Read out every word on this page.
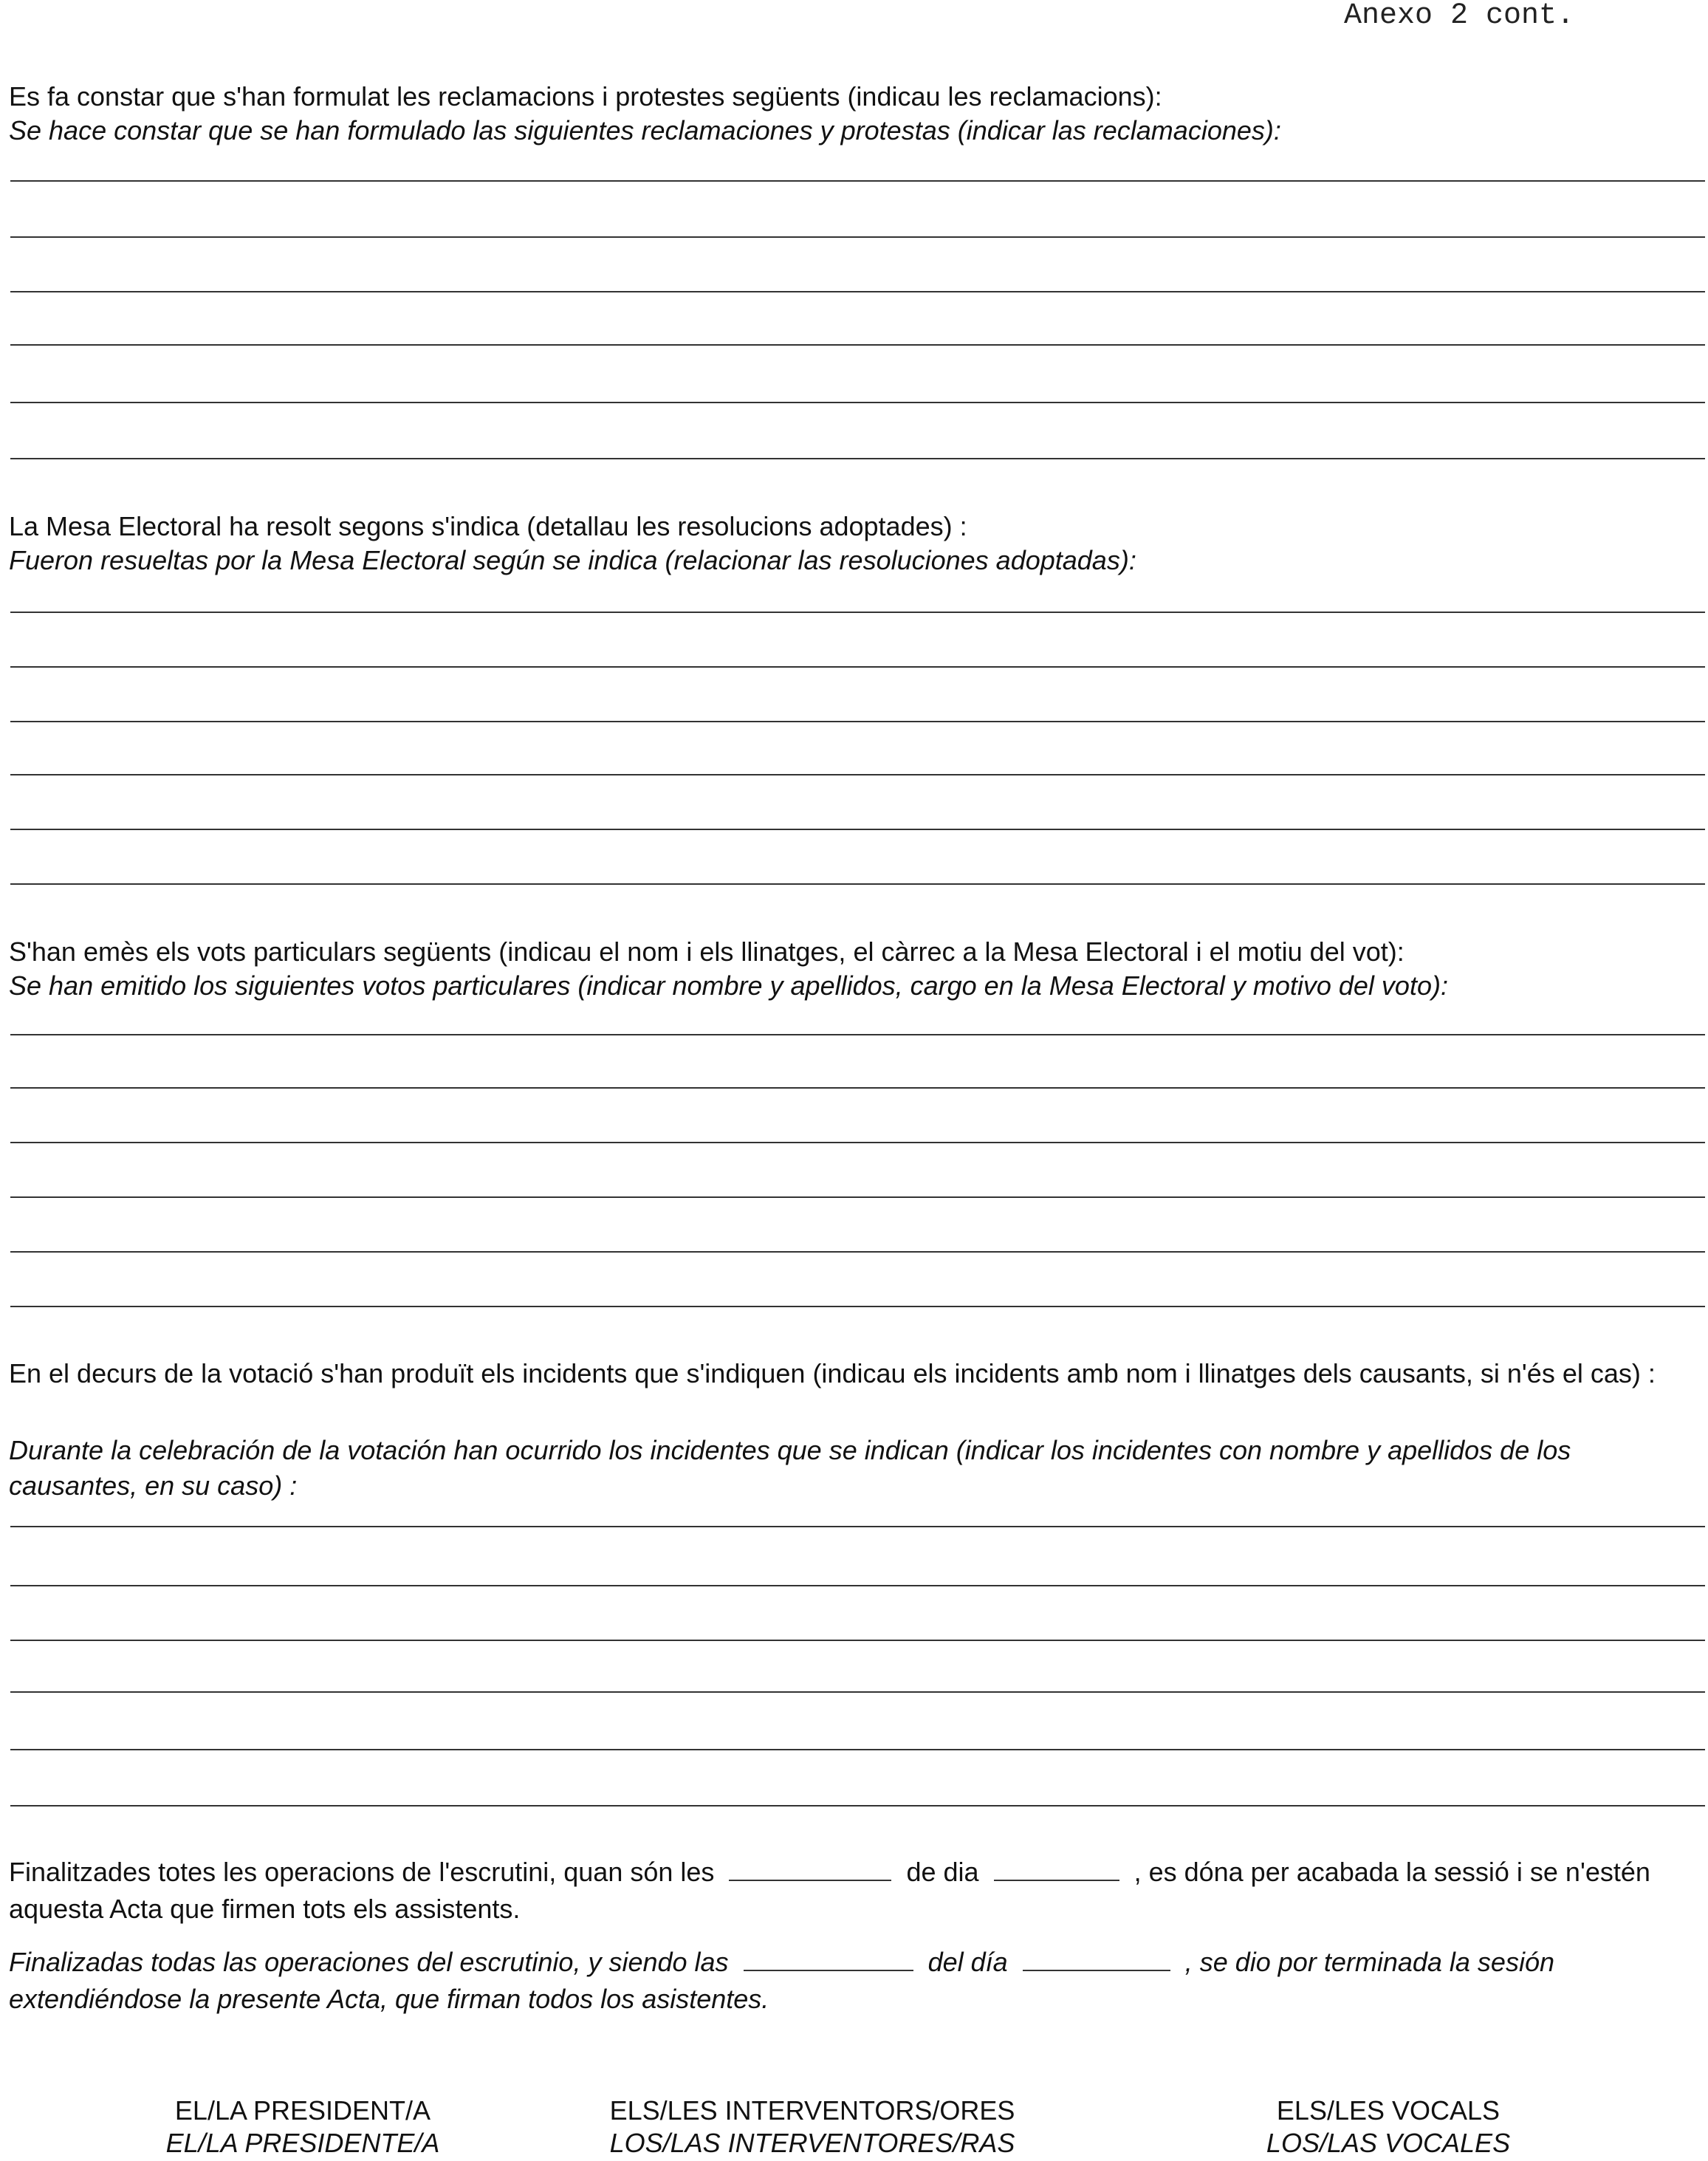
Anexo 2 cont.
Es fa constar que s'han formulat les reclamacions i protestes següents (indicau les reclamacions):
Se hace constar que se han formulado las siguientes reclamaciones y protestas (indicar las reclamaciones):
La Mesa Electoral ha resolt segons s'indica (detallau les resolucions adoptades) :
Fueron resueltas por la Mesa Electoral según se indica (relacionar las resoluciones adoptadas):
S'han emès els vots particulars següents (indicau el nom i els llinatges, el càrrec a la Mesa Electoral i el motiu del vot):
Se han emitido los siguientes votos particulares (indicar nombre y apellidos, cargo en la Mesa Electoral y motivo del voto):
En el decurs de la votació s'han produït els incidents que s'indiquen (indicau els incidents amb nom i llinatges dels causants, si n'és el cas) :
Durante la celebración de la votación han ocurrido los incidentes que se indican (indicar los incidentes con nombre y apellidos de los causantes, en su caso) :
Finalitzades totes les operacions de l'escrutini, quan són les	de dia	, es dóna per acabada la sessió i se n'estén aquesta Acta que firmen tots els assistents.
Finalizadas todas las operaciones del escrutinio, y siendo las	del día	, se dio por terminada la sesión extendiéndose la presente Acta, que firman todos los asistentes.
EL/LA PRESIDENT/A
EL/LA PRESIDENTE/A
ELS/LES INTERVENTORS/ORES
LOS/LAS INTERVENTORES/RAS
ELS/LES VOCALS
LOS/LAS VOCALES
